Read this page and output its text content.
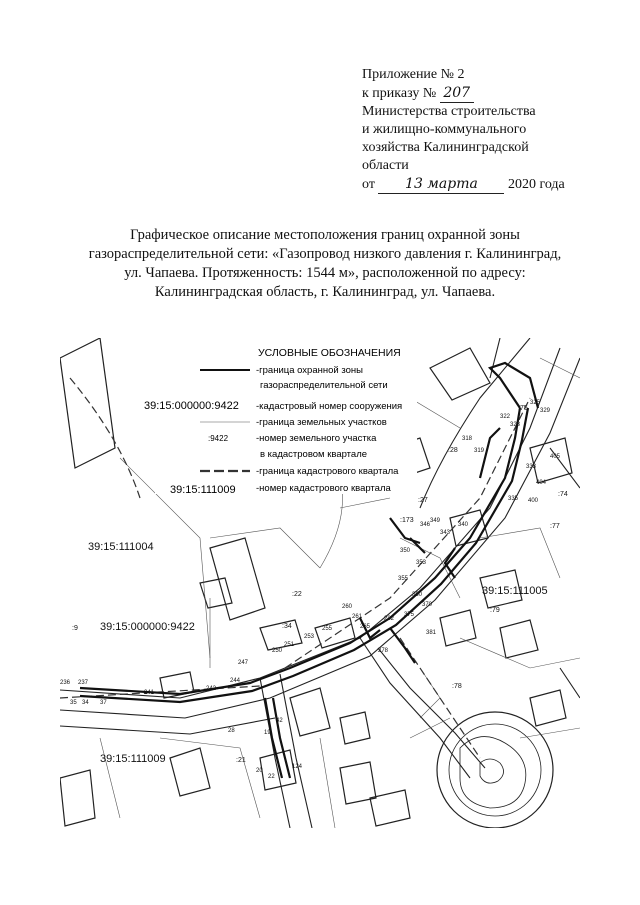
Приложение № 2
к приказу № 207
Министерства строительства
и жилищно-коммунального
хозяйства Калининградской
области
от 13 марта 2020 года
Графическое описание местоположения границ охранной зоны
газораспределительной сети: «Газопровод низкого давления г. Калининград,
ул. Чапаева. Протяженность: 1544 м», расположенной по адресу:
Калининградская область, г. Калининград, ул. Чапаева.
УСЛОВНЫЕ ОБОЗНАЧЕНИЯ
-граница охранной зоны
газораспределительной сети
39:15:000000:9422 -кадастровый номер сооружения
-граница земельных участков
:9422	-номер земельного участка
в кадастровом квартале
-граница кадастрового квартала
39:15:111009 -номер кадастрового квартала
39:15:111004
39:15:000000:9422
39:15:111009
39:15:111005
:9
:22
:27
:28
:34
:78
:79
:77
:74
:21
:173
:75
236 237
241
242
244
247
250
251
253
255
260
261
265
278
282
318
319
322
323
325
329
333
335
340
343
346
349
350
353
355
360
370
375
381
400
404
405
19
20
22
28
34
35	37
42
124
